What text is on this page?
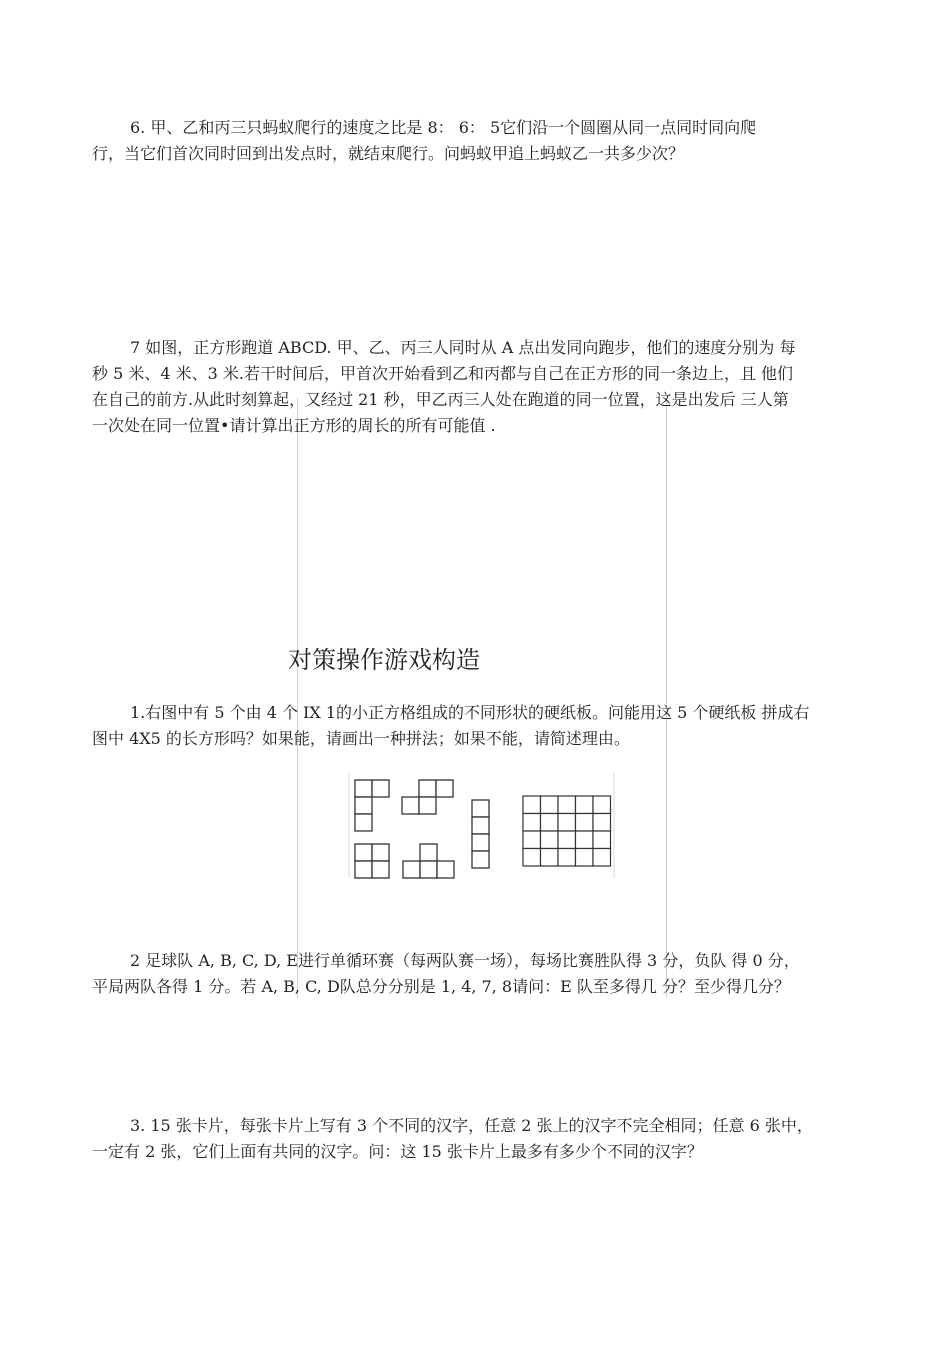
6. 甲、乙和丙三只蚂蚁爬行的速度之比是 8： 6： 5它们沿一个圆圈从同一点同时同向爬
行，当它们首次同时回到出发点时，就结束爬行。问蚂蚁甲追上蚂蚁乙一共多少次？
7 如图，正方形跑道 ABCD. 甲、乙、丙三人同时从 A 点出发同向跑步，他们的速度分别为 每
秒 5 米、4 米、3 米.若干时间后，甲首次开始看到乙和丙都与自己在正方形的同一条边上，且 他们
在自己的前方.从此时刻算起，又经过 21 秒，甲乙丙三人处在跑道的同一位置，这是出发后 三人第
一次处在同一位置•请计算出正方形的周长的所有可能值 .
对策操作游戏构造
1.右图中有 5 个由 4 个 IX 1的小正方格组成的不同形状的硬纸板。问能用这 5 个硬纸板 拼成右
图中 4X5 的长方形吗？如果能，请画出一种拼法；如果不能，请简述理由。
2 足球队 A, B, C, D, E进行单循环赛（每两队赛一场），每场比赛胜队得 3 分，负队 得 0 分，
平局两队各得 1 分。若 A, B, C, D队总分分别是 1, 4, 7, 8请问：E 队至多得几 分？至少得几分？
3. 15 张卡片，每张卡片上写有 3 个不同的汉字，任意 2 张上的汉字不完全相同；任意 6 张中，
一定有 2 张，它们上面有共同的汉字。问：这 15 张卡片上最多有多少个不同的汉字？
